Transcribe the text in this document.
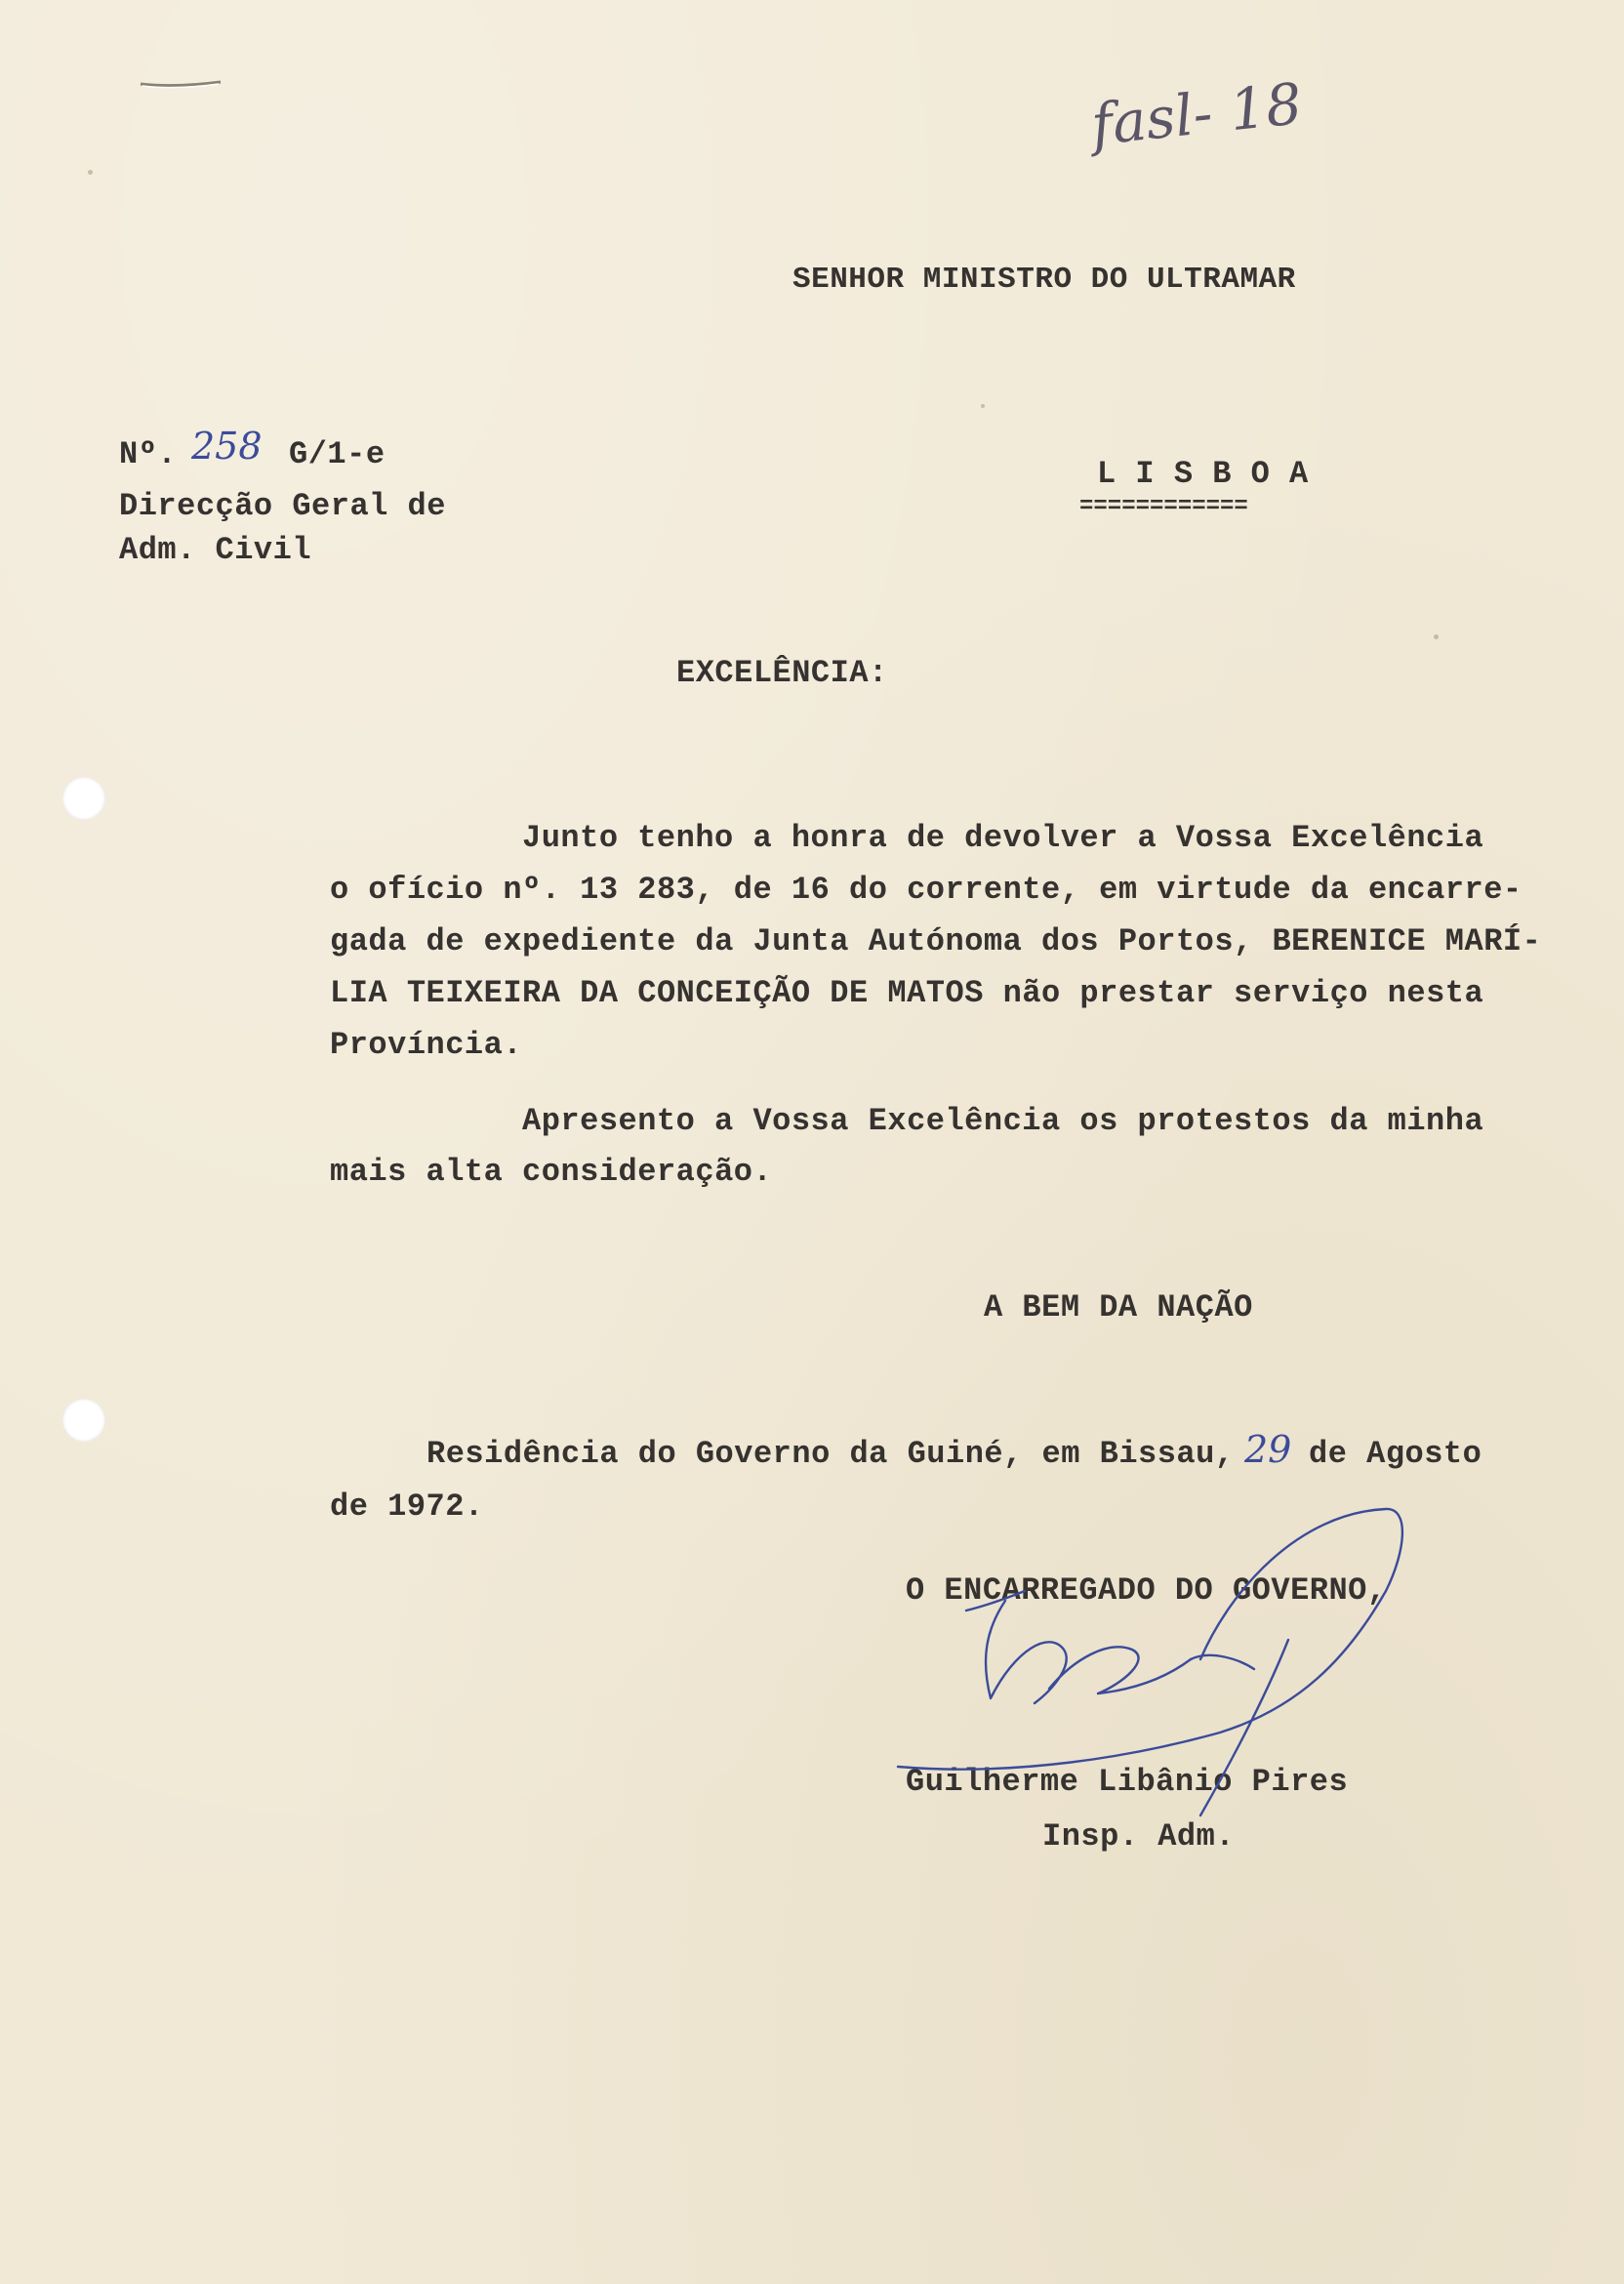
fasl- 18
SENHOR MINISTRO DO ULTRAMAR
Nº. 258 G/1-e
Direcção Geral de
Adm. Civil
L I S B O A
============
EXCELÊNCIA:
Junto tenho a honra de devolver a Vossa Excelência
o ofício nº. 13 283, de 16 do corrente, em virtude da encarre-
gada de expediente da Junta Autónoma dos Portos, BERENICE MARÍ-
LIA TEIXEIRA DA CONCEIÇÃO DE MATOS não prestar serviço nesta
Província.
Apresento a Vossa Excelência os protestos da minha
mais alta consideração.
A BEM DA NAÇÃO
Residência do Governo da Guiné, em Bissau, 29 de Agosto
de 1972.
O ENCARREGADO DO GOVERNO,
Guilherme Libânio Pires
Insp. Adm.
